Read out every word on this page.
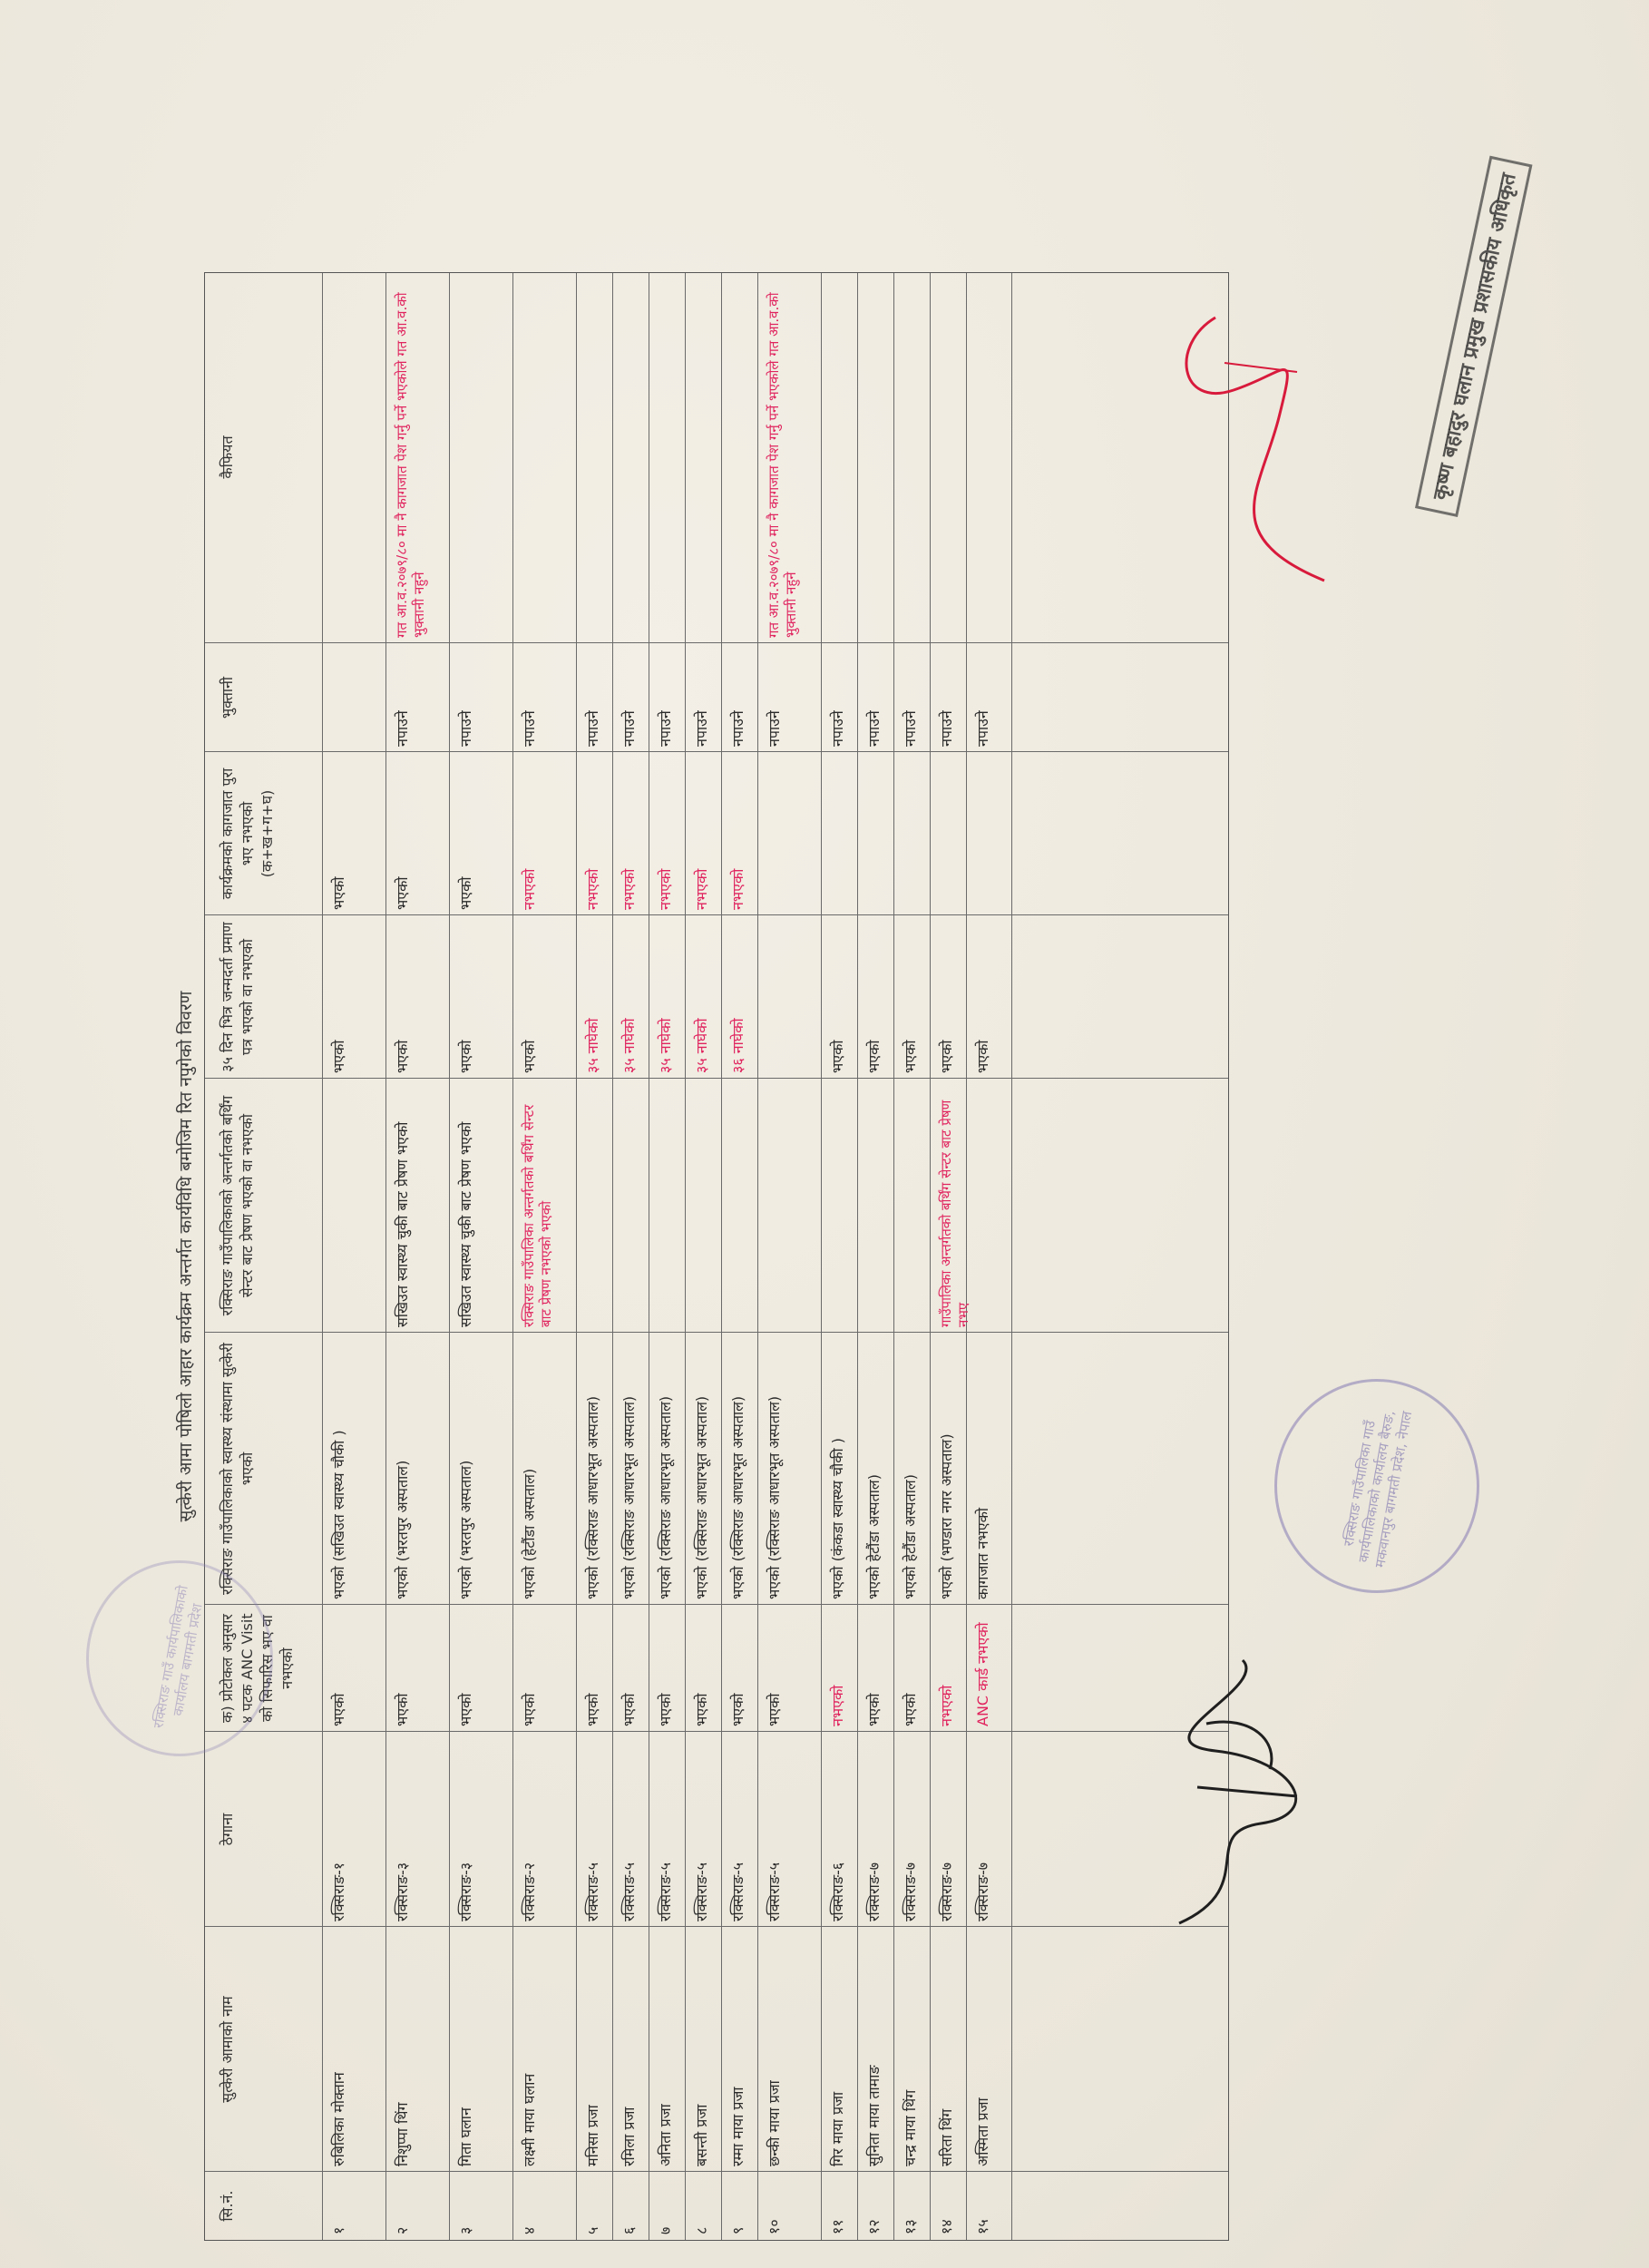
सुत्केरी आमा पोषिलो आहार कार्यक्रम अन्तर्गत कार्यविधि बमोजिम रित नपुगेको विवरण
सि.नं.
सुत्केरी आमाको नाम
ठेगाना
क) प्रोटोकल अनुसार ४ पटक ANC Visit को सिफारिस भए वा नभएको
रक्सिराङ गाउँपालिकाको स्वास्थ्य संस्थामा सुत्केरी भएको
रक्सिराङ गाउँपालिकाको अन्तर्गतको बर्थिंग सेन्टर बाट प्रेषण भएको वा नभएको
३५ दिन भित्र जन्मदर्ता प्रमाण पत्र भएको वा नभएको
कार्यक्रमको कागजात पुरा भए नभएको (क+ख+ग+घ)
भुक्तानी
कैफियत
१
रुबिलिका मोक्तान
रक्सिराङ-१
भएको
भएको (सखिउत स्वास्थ्य चौकी )
भएको
भएको
२
निशुप्पा थिंग
रक्सिराङ-३
भएको
भएको (भरतपुर अस्पताल)
सखिउत स्वास्थ्य चुकी बाट प्रेषण भएको
भएको
भएको
नपाउने
गत आ.व.२०७९/८० मा नै कागजात पेश गर्नु पर्ने भएकोले गत आ.व.को भुक्तानी नहुने
३
गिता घलान
रक्सिराङ-३
भएको
भएको (भरतपुर अस्पताल)
सखिउत स्वास्थ्य चुकी बाट प्रेषण भएको
भएको
भएको
नपाउने
४
लक्ष्मी माया घलान
रक्सिराङ-२
भएको
भएको (हेटौंडा अस्पताल)
रक्सिराङ गाउँपालिका अन्तर्गतको बर्थिंग सेन्टर बाट प्रेषण नभएको भएको
भएको
नभएको
नपाउने
५
मनिसा प्रजा
रक्सिराङ-५
भएको
भएको (रक्सिराङ आधारभूत अस्पताल)
३५ नाघेको
नभएको
नपाउने
६
रमिला प्रजा
रक्सिराङ-५
भएको
भएको (रक्सिराङ आधारभूत अस्पताल)
३५ नाघेको
नभएको
नपाउने
७
अनिता प्रजा
रक्सिराङ-५
भएको
भएको (रक्सिराङ आधारभूत अस्पताल)
३५ नाघेको
नभएको
नपाउने
८
बसन्ती प्रजा
रक्सिराङ-५
भएको
भएको (रक्सिराङ आधारभूत अस्पताल)
३५ नाघेको
नभएको
नपाउने
९
रम्मा माया प्रजा
रक्सिराङ-५
भएको
भएको (रक्सिराङ आधारभूत अस्पताल)
३६ नाघेको
नभएको
नपाउने
१०
छन्की माया प्रजा
रक्सिराङ-५
भएको
भएको (रक्सिराङ आधारभूत अस्पताल)
नपाउने
गत आ.व.२०७९/८० मा नै कागजात पेश गर्नु पर्ने भएकोले गत आ.व.को भुक्तानी नहुने
११
गिर माया प्रजा
रक्सिराङ-६
नभएको
भएको (कंकडा स्वास्थ्य चौकी )
भएको
नपाउने
१२
सुनिता माया तामाङ
रक्सिराङ-७
भएको
भएको हेटौंडा अस्पताल)
भएको
नपाउने
१३
चन्द्र माया थिंग
रक्सिराङ-७
भएको
भएको हेटौंडा अस्पताल)
भएको
नपाउने
१४
सरिता थिंग
रक्सिराङ-७
नभएको
भएको (भण्डारा नगर अस्पताल)
गाउँपालिका अन्तर्गतको बर्थिंग सेन्टर बाट प्रेषण नभए
भएको
नपाउने
१५
अस्मिता प्रजा
रक्सिराङ-७
ANC कार्ड नभएको
कागजात नभएको
भएको
नपाउने
रक्सिराङ गाउँपालिका गाउँ कार्यपालिकाको कार्यालय बैरुङ, मकवानपुर बागमती प्रदेश, नेपाल
रक्सिराङ गाउँ कार्यपालिकाको कार्यालय बागमती प्रदेश
कृष्ण बहादुर घलान प्रमुख प्रशासकीय अधिकृत
